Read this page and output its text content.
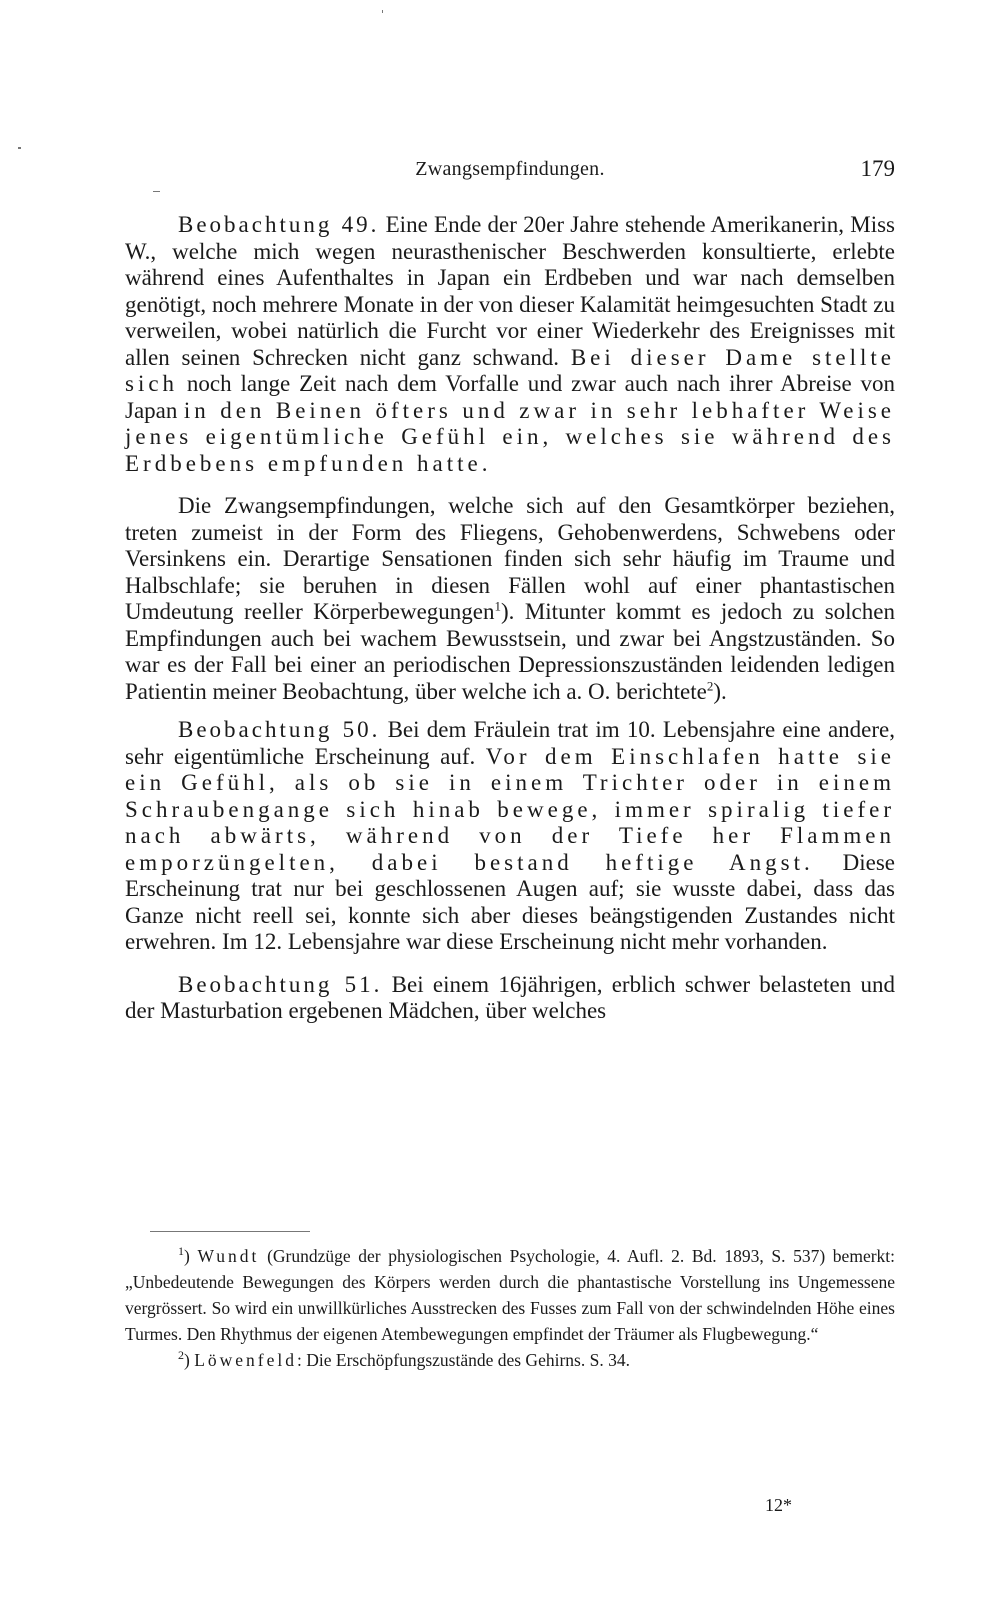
Zwangsempfindungen.	179

Beobachtung 49. Eine Ende der 20er Jahre stehende Amerikanerin, Miss W., welche mich wegen neurasthenischer Beschwerden konsultierte, erlebte während eines Aufenthaltes in Japan ein Erdbeben und war nach demselben genötigt, noch mehrere Monate in der von dieser Kalamität heimgesuchten Stadt zu verweilen, wobei natürlich die Furcht vor einer Wiederkehr des Ereignisses mit allen seinen Schrecken nicht ganz schwand. Bei dieser Dame stellte sich noch lange Zeit nach dem Vorfalle und zwar auch nach ihrer Abreise von Japan in den Beinen öfters und zwar in sehr lebhafter Weise jenes eigentümliche Gefühl ein, welches sie während des Erdbebens empfunden hatte.

Die Zwangsempfindungen, welche sich auf den Gesamtkörper beziehen, treten zumeist in der Form des Fliegens, Gehobenwerdens, Schwebens oder Versinkens ein. Derartige Sensationen finden sich sehr häufig im Traume und Halbschlafe; sie beruhen in diesen Fällen wohl auf einer phantastischen Umdeutung reeller Körperbewegungen$^1$). Mitunter kommt es jedoch zu solchen Empfindungen auch bei wachem Bewusstsein, und zwar bei Angstzuständen. So war es der Fall bei einer an periodischen Depressionszuständen leidenden ledigen Patientin meiner Beobachtung, über welche ich a. O. berichtete$^2$).

Beobachtung 50. Bei dem Fräulein trat im 10. Lebensjahre eine andere, sehr eigentümliche Erscheinung auf. Vor dem Einschlafen hatte sie ein Gefühl, als ob sie in einem Trichter oder in einem Schraubengange sich hinab bewege, immer spiralig tiefer nach abwärts, während von der Tiefe her Flammen emporzüngelten, dabei bestand heftige Angst. Diese Erscheinung trat nur bei geschlossenen Augen auf; sie wusste dabei, dass das Ganze nicht reell sei, konnte sich aber dieses beängstigenden Zustandes nicht erwehren. Im 12. Lebensjahre war diese Erscheinung nicht mehr vorhanden.

Beobachtung 51. Bei einem 16jährigen, erblich schwer belasteten und der Masturbation ergebenen Mädchen, über welches

$^1$) Wundt (Grundzüge der physiologischen Psychologie, 4. Aufl. 2. Bd. 1893, S. 537) bemerkt: „Unbedeutende Bewegungen des Körpers werden durch die phantastische Vorstellung ins Ungemessene vergrössert. So wird ein unwillkürliches Ausstrecken des Fusses zum Fall von der schwindelnden Höhe eines Turmes. Den Rhythmus der eigenen Atembewegungen empfindet der Träumer als Flugbewegung.“

$^2$) Löwenfeld: Die Erschöpfungszustände des Gehirns. S. 34.

12*
